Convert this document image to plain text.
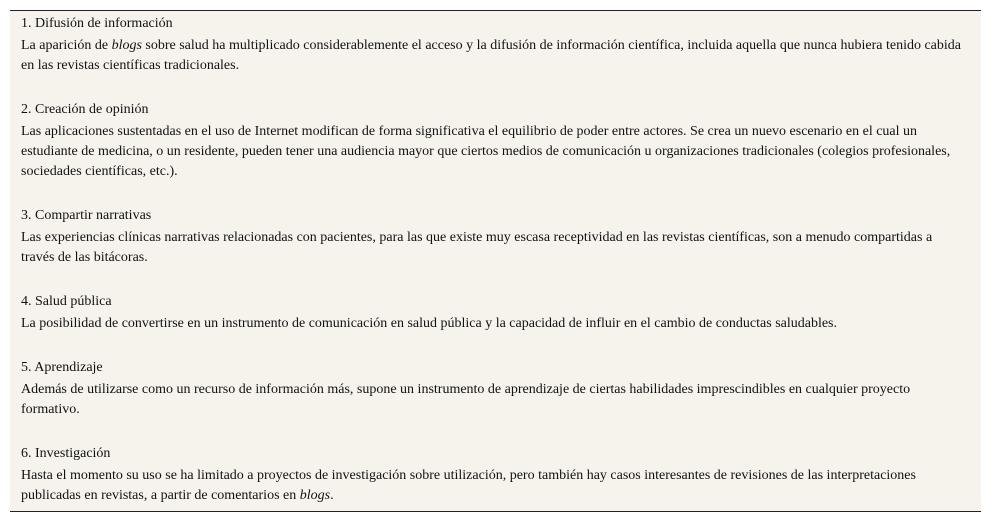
1. Difusión de información

La aparición de blogs sobre salud ha multiplicado considerablemente el acceso y la difusión de información científica, incluida aquella que nunca hubiera tenido cabida en las revistas científicas tradicionales.

2. Creación de opinión

Las aplicaciones sustentadas en el uso de Internet modifican de forma significativa el equilibrio de poder entre actores. Se crea un nuevo escenario en el cual un estudiante de medicina, o un residente, pueden tener una audiencia mayor que ciertos medios de comunicación u organizaciones tradicionales (colegios profesionales, sociedades científicas, etc.).

3. Compartir narrativas

Las experiencias clínicas narrativas relacionadas con pacientes, para las que existe muy escasa receptividad en las revistas científicas, son a menudo compartidas a través de las bitácoras.

4. Salud pública

La posibilidad de convertirse en un instrumento de comunicación en salud pública y la capacidad de influir en el cambio de conductas saludables.

5. Aprendizaje

Además de utilizarse como un recurso de información más, supone un instrumento de aprendizaje de ciertas habilidades imprescindibles en cualquier proyecto formativo.

6. Investigación

Hasta el momento su uso se ha limitado a proyectos de investigación sobre utilización, pero también hay casos interesantes de revisiones de las interpretaciones publicadas en revistas, a partir de comentarios en blogs.
